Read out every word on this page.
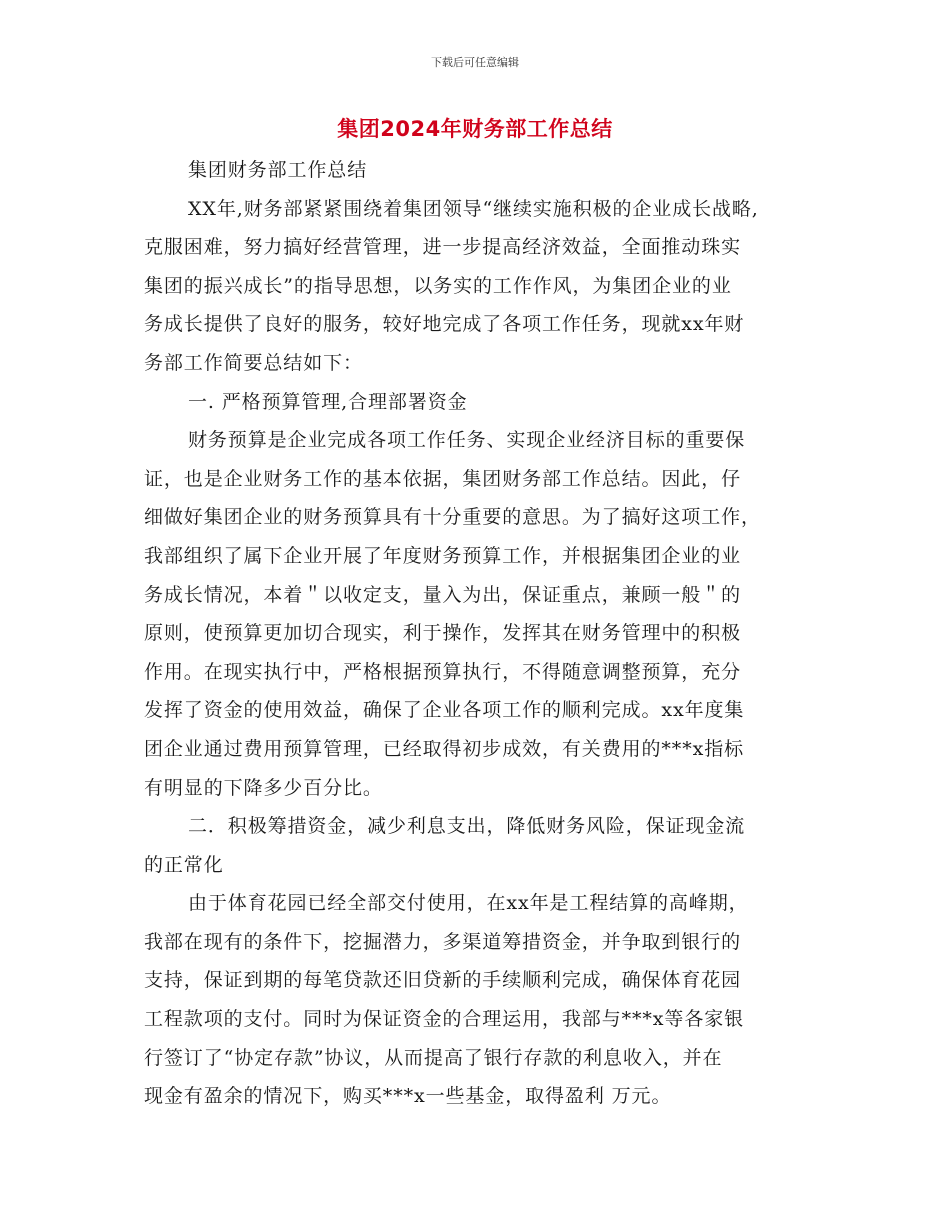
下载后可任意编辑
集团2024年财务部工作总结
集团财务部工作总结
XX年,财务部紧紧围绕着集团领导“继续实施积极的企业成长战略,
克服困难，努力搞好经营管理，进一步提高经济效益，全面推动珠实
集团的振兴成长”的指导思想，以务实的工作作风，为集团企业的业
务成长提供了良好的服务，较好地完成了各项工作任务，现就xx年财
务部工作简要总结如下：
一. 严格预算管理,合理部署资金
财务预算是企业完成各项工作任务、实现企业经济目标的重要保
证，也是企业财务工作的基本依据，集团财务部工作总结。因此，仔
细做好集团企业的财务预算具有十分重要的意思。为了搞好这项工作，
我部组织了属下企业开展了年度财务预算工作，并根据集团企业的业
务成长情况，本着＂以收定支，量入为出，保证重点，兼顾一般＂的
原则，使预算更加切合现实，利于操作，发挥其在财务管理中的积极
作用。在现实执行中，严格根据预算执行，不得随意调整预算，充分
发挥了资金的使用效益，确保了企业各项工作的顺利完成。xx年度集
团企业通过费用预算管理，已经取得初步成效，有关费用的***x指标
有明显的下降多少百分比。
二．积极筹措资金，减少利息支出，降低财务风险，保证现金流
的正常化
由于体育花园已经全部交付使用，在xx年是工程结算的高峰期，
我部在现有的条件下，挖掘潜力，多渠道筹措资金，并争取到银行的
支持，保证到期的每笔贷款还旧贷新的手续顺利完成，确保体育花园
工程款项的支付。同时为保证资金的合理运用，我部与***x等各家银
行签订了“协定存款”协议，从而提高了银行存款的利息收入，并在
现金有盈余的情况下，购买***x一些基金，取得盈利 万元。
